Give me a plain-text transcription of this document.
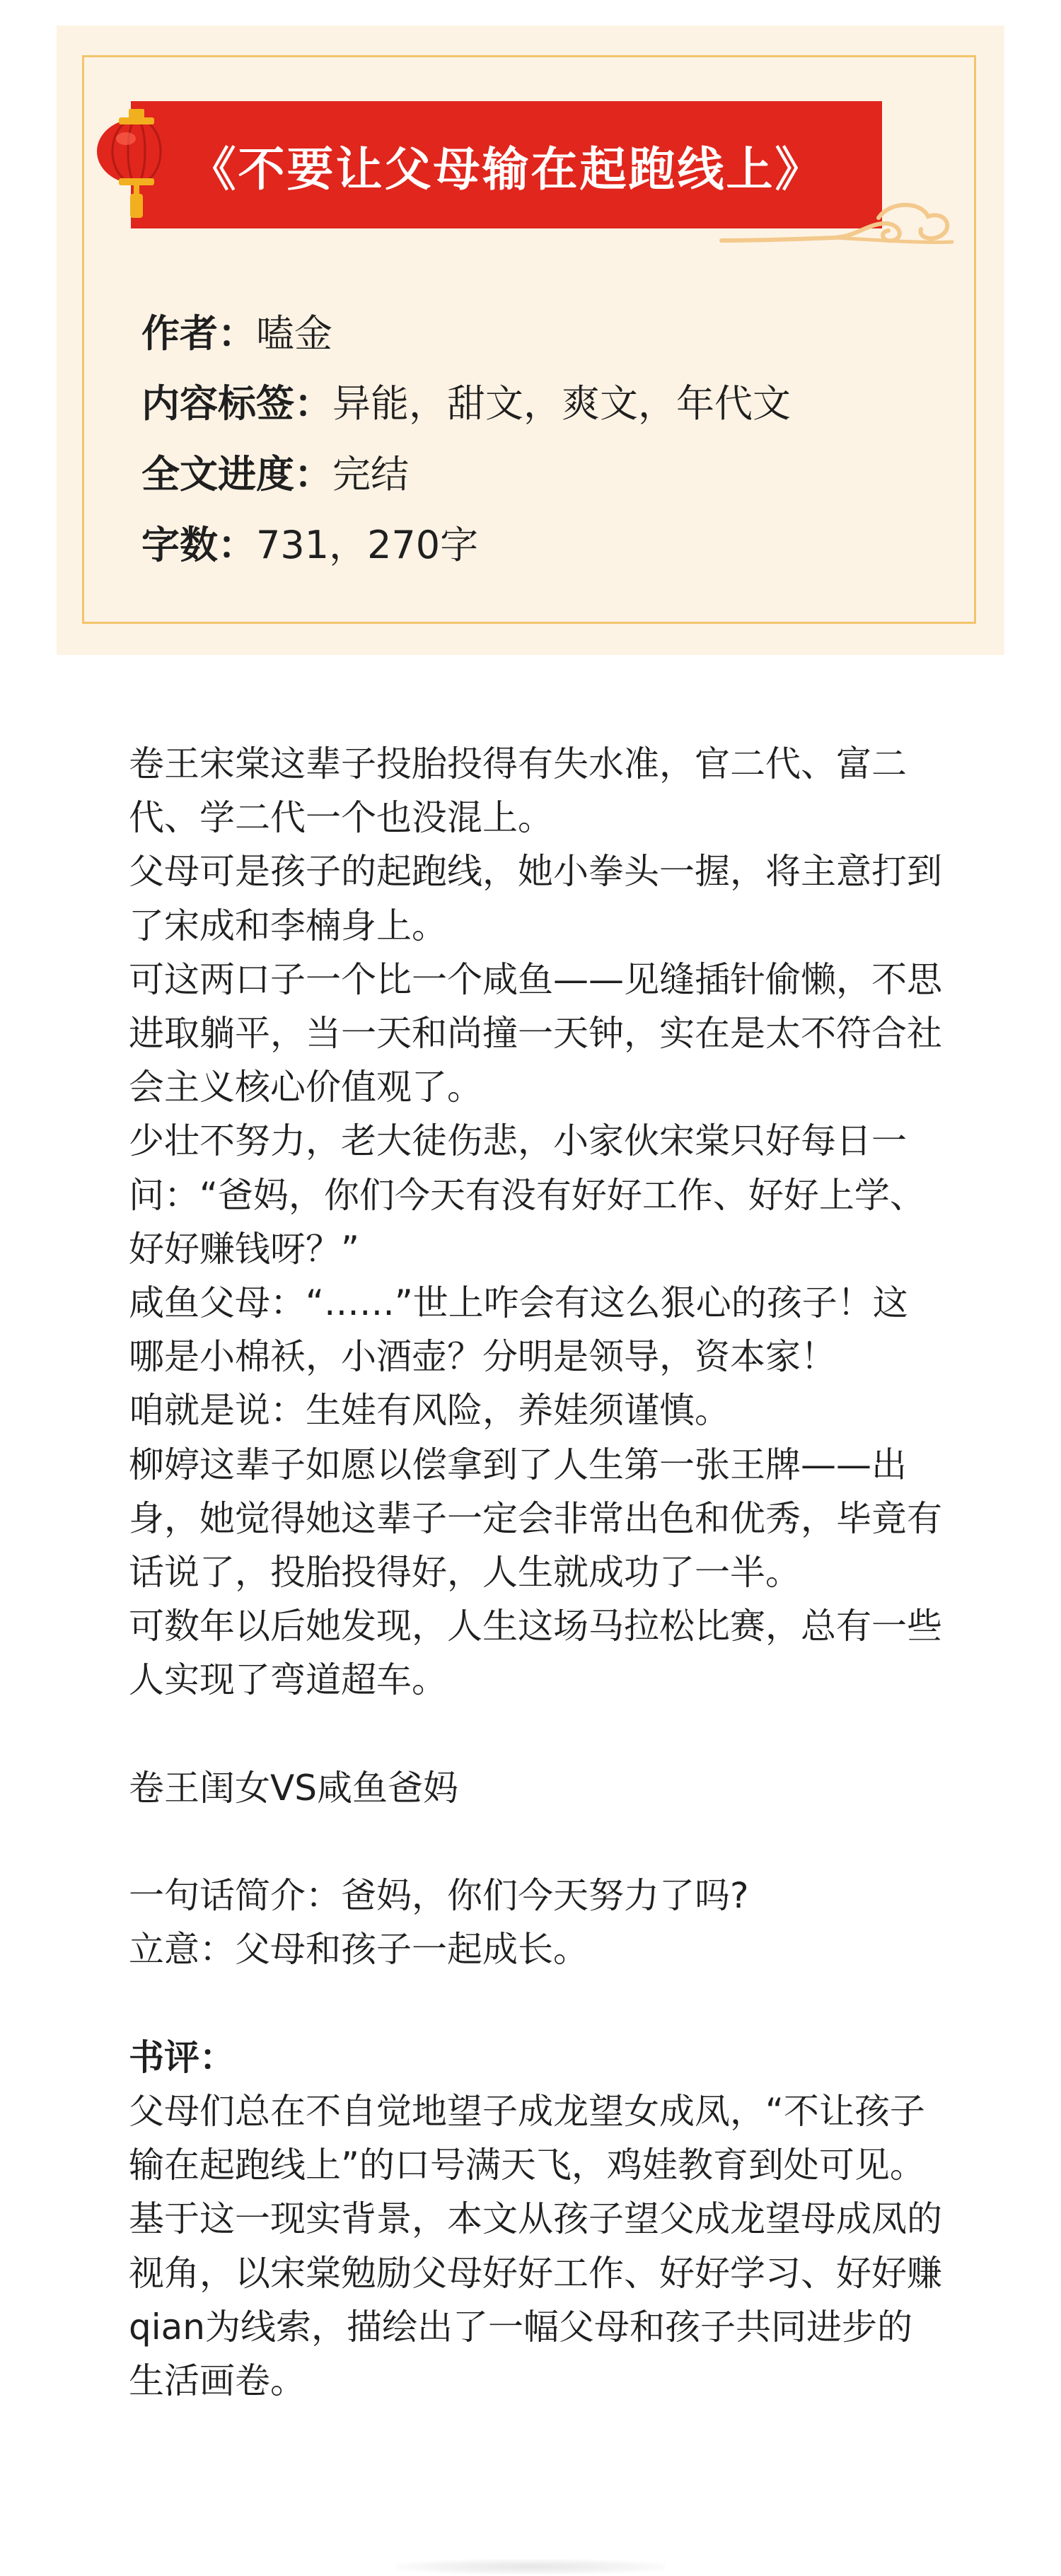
《不要让父母输在起跑线上》
作者：嗑金
内容标签：异能，甜文，爽文，年代文
全文进度：完结
字数：731，270字

卷王宋棠这辈子投胎投得有失水准，官二代、富二代、学二代一个也没混上。

父母可是孩子的起跑线，她小拳头一握，将主意打到了宋成和李楠身上。

可这两口子一个比一个咸鱼——见缝插针偷懒，不思进取躺平，当一天和尚撞一天钟，实在是太不符合社会主义核心价值观了。

少壮不努力，老大徒伤悲，小家伙宋棠只好每日一问：“爸妈，你们今天有没有好好工作、好好上学、好好赚钱呀？”

咸鱼父母：“……”世上咋会有这么狠心的孩子！这哪是小棉袄，小酒壶？分明是领导，资本家！

咱就是说：生娃有风险，养娃须谨慎。

柳婷这辈子如愿以偿拿到了人生第一张王牌——出身，她觉得她这辈子一定会非常出色和优秀，毕竟有话说了，投胎投得好，人生就成功了一半。

可数年以后她发现，人生这场马拉松比赛，总有一些人实现了弯道超车。

卷王闺女VS咸鱼爸妈

一句话简介：爸妈，你们今天努力了吗?

立意：父母和孩子一起成长。

书评：

父母们总在不自觉地望子成龙望女成凤，“不让孩子输在起跑线上”的口号满天飞，鸡娃教育到处可见。基于这一现实背景，本文从孩子望父成龙望母成凤的视角，以宋棠勉励父母好好工作、好好学习、好好赚qian为线索，描绘出了一幅父母和孩子共同进步的生活画卷。
